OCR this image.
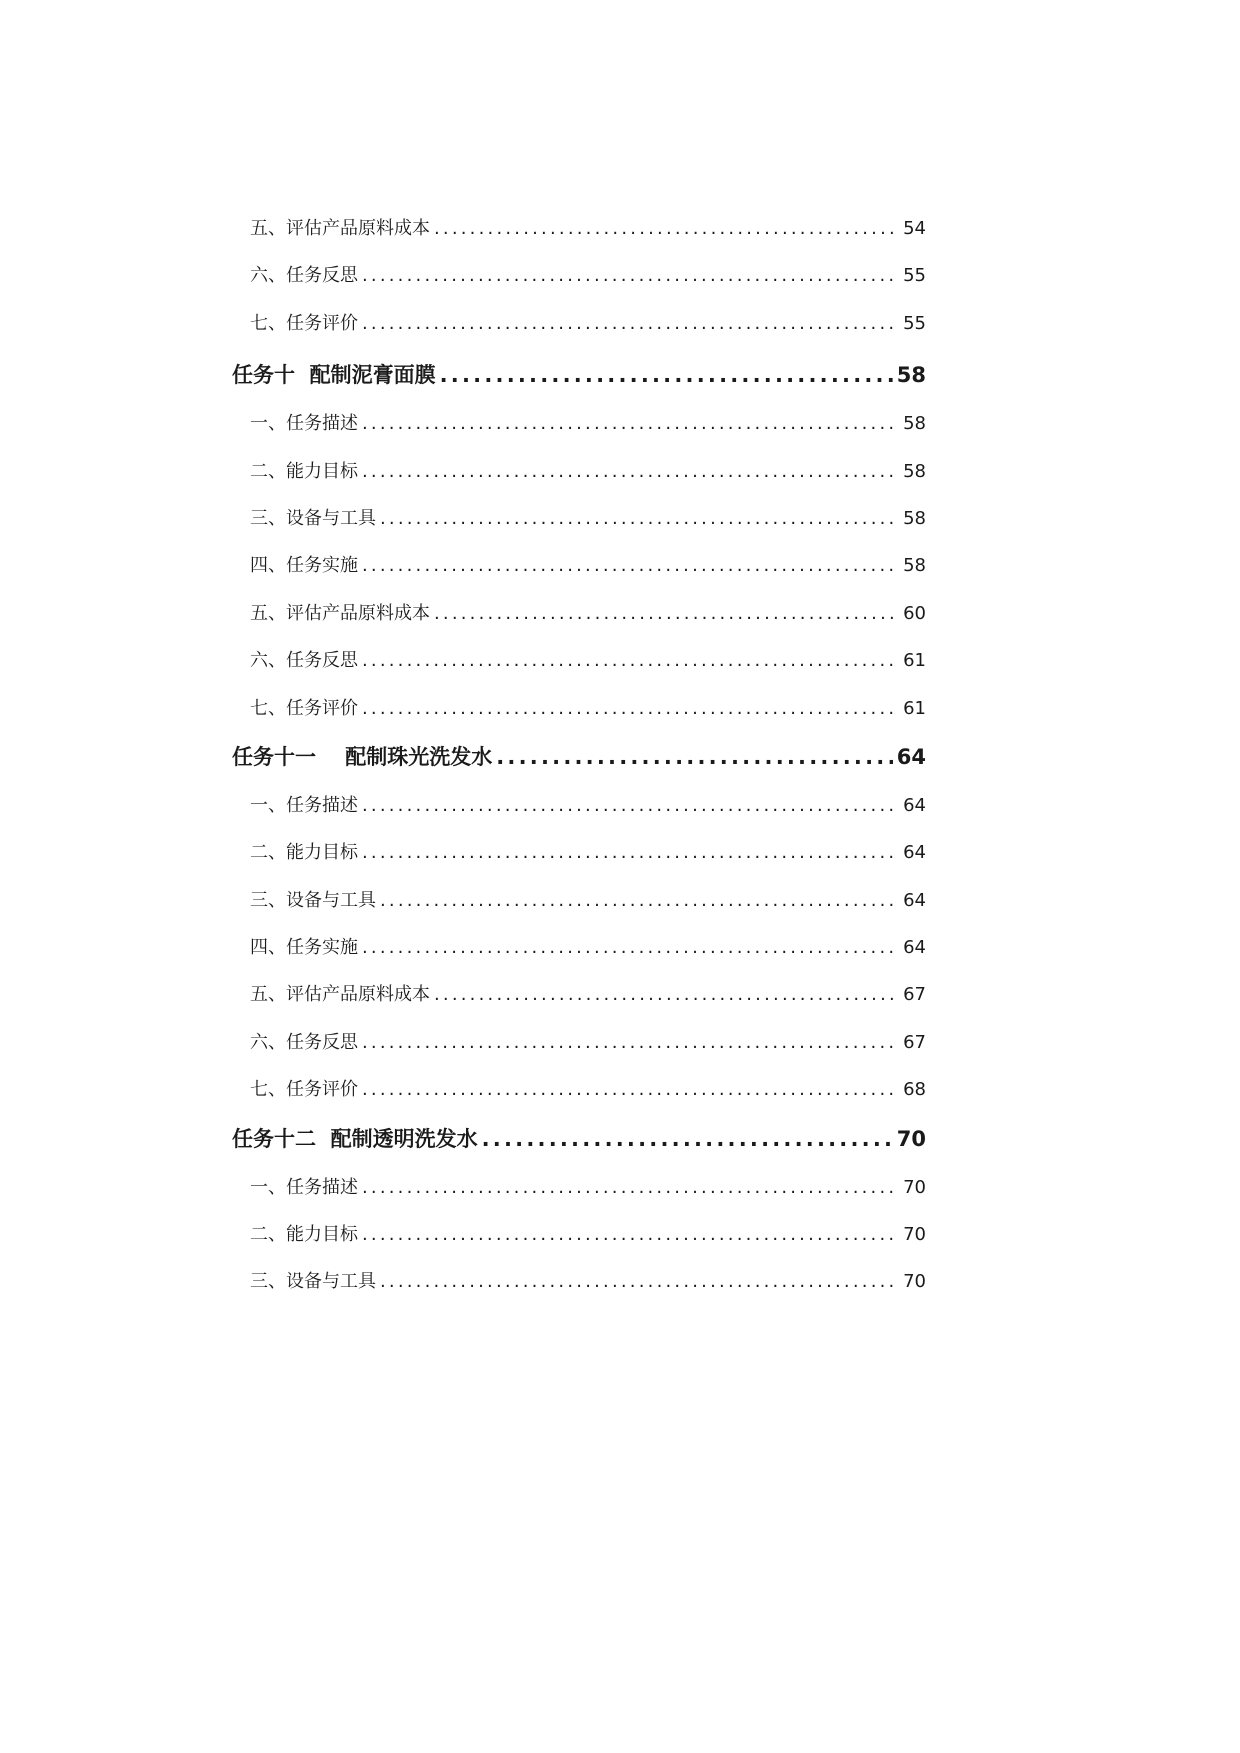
五、评估产品原料成本 .....	54
六、任务反思 .....	55
七、任务评价 .....	55
任务十  配制泥膏面膜 .....	58
一、任务描述 .....	58
二、能力目标 .....	58
三、设备与工具 .....	58
四、任务实施 .....	58
五、评估产品原料成本 .....	60
六、任务反思 .....	61
七、任务评价 .....	61
任务十一    配制珠光洗发水 .....	64
一、任务描述 .....	64
二、能力目标 .....	64
三、设备与工具 .....	64
四、任务实施 .....	64
五、评估产品原料成本 .....	67
六、任务反思 .....	67
七、任务评价 .....	68
任务十二  配制透明洗发水 .....	70
一、任务描述 .....	70
二、能力目标 .....	70
三、设备与工具 .....	70
